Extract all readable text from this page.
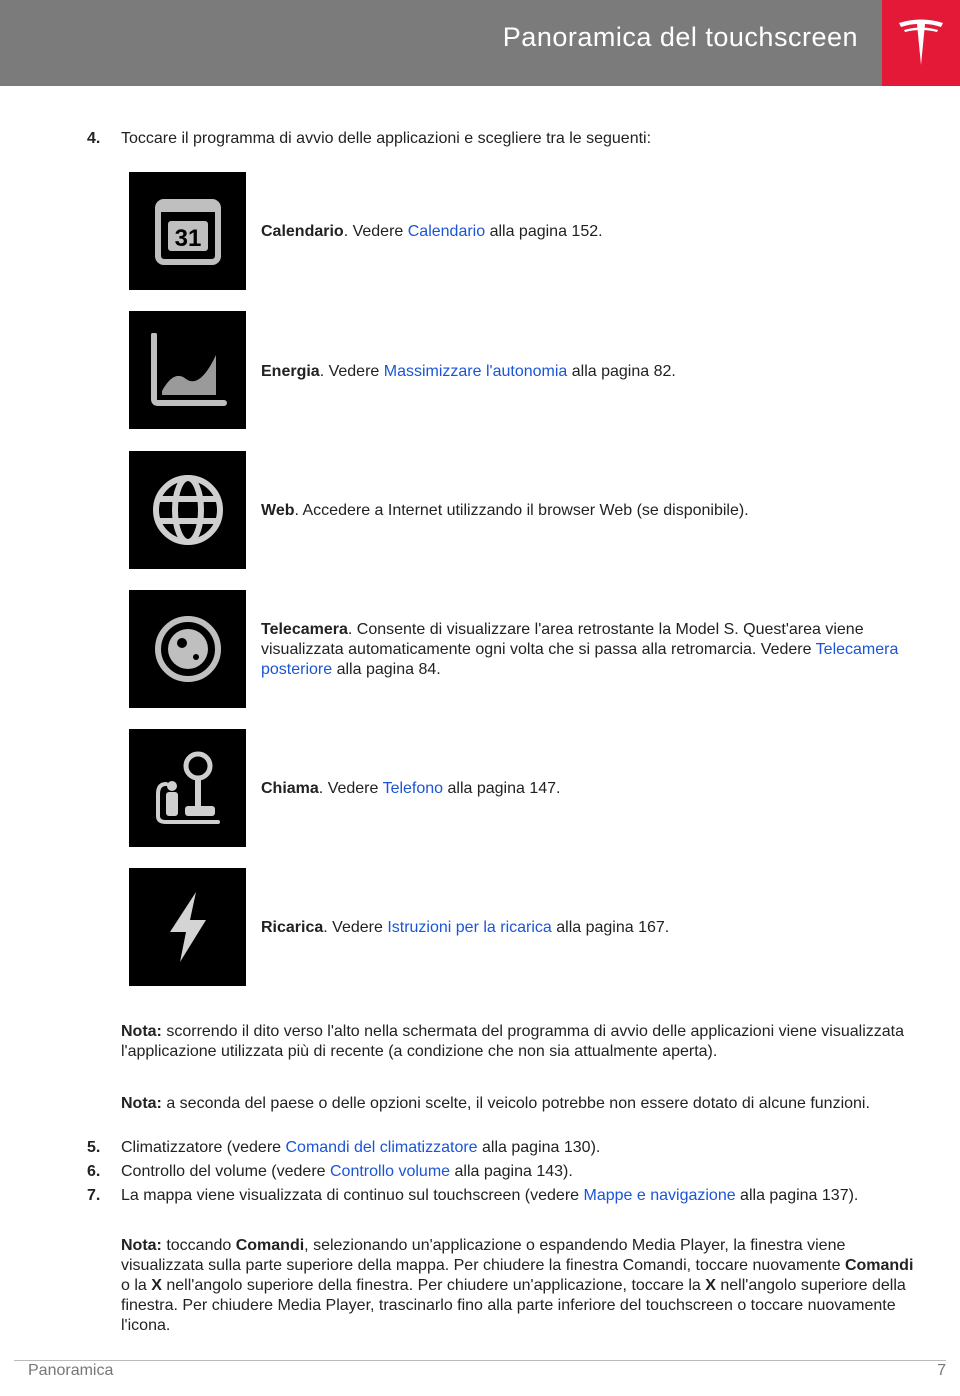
Panoramica del touchscreen
4. Toccare il programma di avvio delle applicazioni e scegliere tra le seguenti:
31	Calendario. Vedere Calendario alla pagina 152.
Energia. Vedere Massimizzare l'autonomia alla pagina 82.
Web. Accedere a Internet utilizzando il browser Web (se disponibile).
Telecamera. Consente di visualizzare l'area retrostante la Model S. Quest'area viene visualizzata automaticamente ogni volta che si passa alla retromarcia. Vedere Telecamera posteriore alla pagina 84.
Chiama. Vedere Telefono alla pagina 147.
Ricarica. Vedere Istruzioni per la ricarica alla pagina 167.
Nota: scorrendo il dito verso l'alto nella schermata del programma di avvio delle applicazioni viene visualizzata l'applicazione utilizzata più di recente (a condizione che non sia attualmente aperta).
Nota: a seconda del paese o delle opzioni scelte, il veicolo potrebbe non essere dotato di alcune funzioni.
5. Climatizzatore (vedere Comandi del climatizzatore alla pagina 130).
6. Controllo del volume (vedere Controllo volume alla pagina 143).
7. La mappa viene visualizzata di continuo sul touchscreen (vedere Mappe e navigazione alla pagina 137).
Nota: toccando Comandi, selezionando un'applicazione o espandendo Media Player, la finestra viene visualizzata sulla parte superiore della mappa. Per chiudere la finestra Comandi, toccare nuovamente Comandi o la X nell'angolo superiore della finestra. Per chiudere un'applicazione, toccare la X nell'angolo superiore della finestra. Per chiudere Media Player, trascinarlo fino alla parte inferiore del touchscreen o toccare nuovamente l'icona.
Panoramica	7
